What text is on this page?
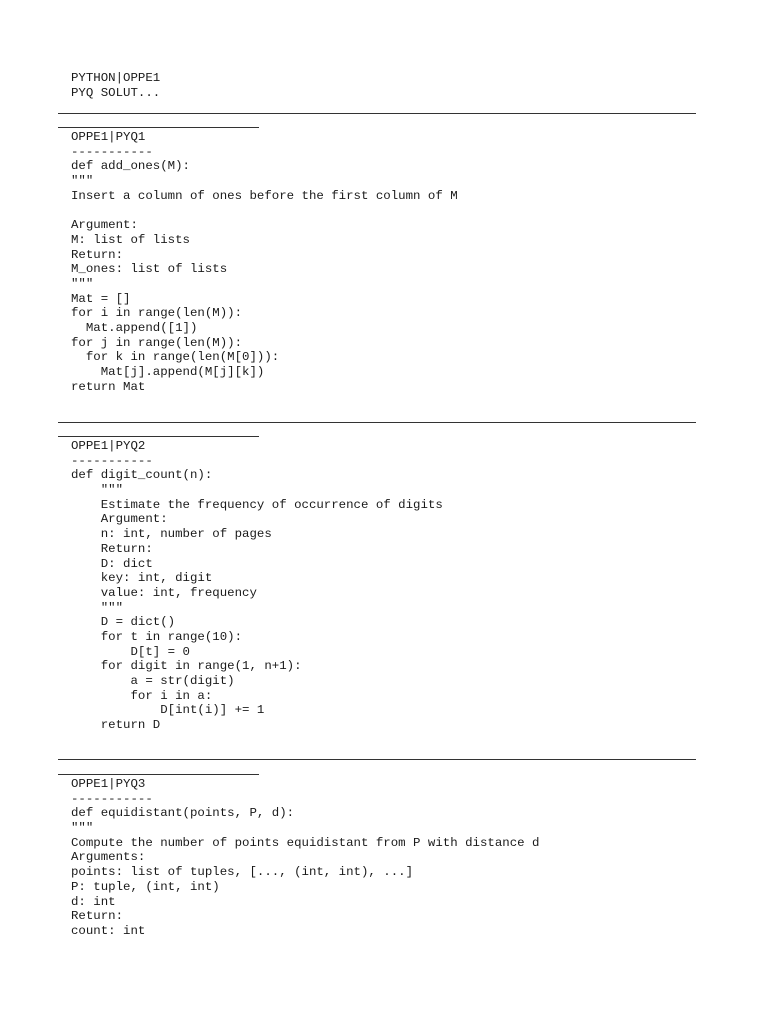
PYTHON|OPPE1
PYQ SOLUT...
OPPE1|PYQ1
-----------
def add_ones(M):
"""
Insert a column of ones before the first column of M
Argument:
M: list of lists
Return:
M_ones: list of lists
"""
Mat = []
for i in range(len(M)):
Mat.append([1])
for j in range(len(M)):
for k in range(len(M[0])):
Mat[j].append(M[j][k])
return Mat
OPPE1|PYQ2
-----------
def digit_count(n):
"""
Estimate the frequency of occurrence of digits
Argument:
n: int, number of pages
Return:
D: dict
key: int, digit
value: int, frequency
"""
D = dict()
for t in range(10):
D[t] = 0
for digit in range(1, n+1):
a = str(digit)
for i in a:
D[int(i)] += 1
return D
OPPE1|PYQ3
-----------
def equidistant(points, P, d):
"""
Compute the number of points equidistant from P with distance d
Arguments:
points: list of tuples, [..., (int, int), ...]
P: tuple, (int, int)
d: int
Return:
count: int
